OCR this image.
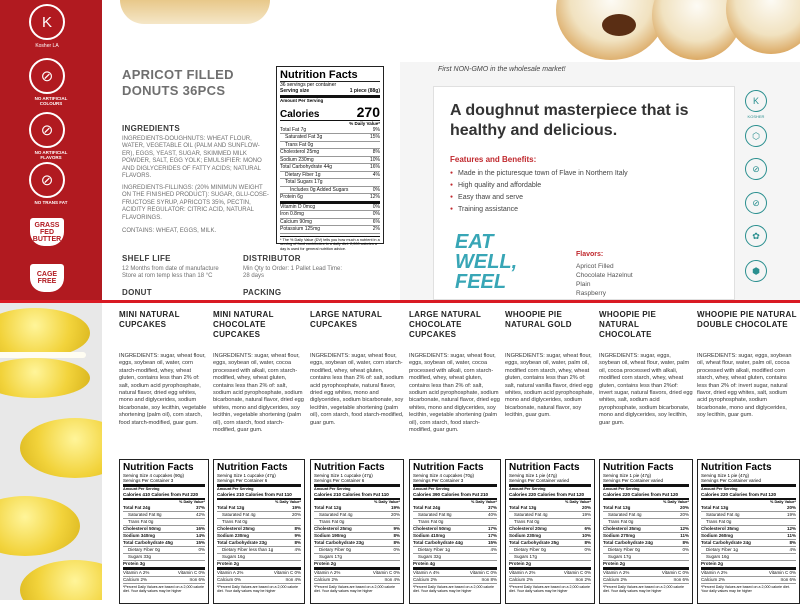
K
Kosher LA
⊘
NO ARTIFICIAL COLOURS
⊘
NO ARTIFICIAL FLAVORS
⊘
NO TRANS FAT
GRASS FED BUTTER
CAGE FREE
APRICOT FILLED DONUTS 36PCS
INGREDIENTS
INGREDIENTS-DOUGHNUTS: WHEAT FLOUR, WATER, VEGETABLE OIL (PALM AND SUNFLOW-ER), EGGS, YEAST, SUGAR, SKIMMED MILK POWDER, SALT, EGG YOLK; EMULSIFIER: MONO AND DIGLYCERIDES OF FATTY ACIDS; NATURAL FLAVORS.
INGREDIENTS-FILLINGS: (20% MINIMUN WEIGHT ON THE FINISHED PRODUCT): SUGAR, GLU-COSE-FRUCTOSE SYRUP, APRICOTS 35%, PECTIN, ACIDITY REGULATOR: CITRIC ACID, NATURAL FLAVORINGS.
CONTAINS: WHEAT, EGGS, MILK.
SHELF LIFE
12 Months from date of manufacture Store at rom temp less than 18 °C
DISTRIBUTOR
Min Qty to Order: 1 Pallet Lead Time: 28 days
DONUT	PACKING
Nutrition Facts
36 servings per container
Serving size	1 piece (88g)
Amount Per Serving
Calories	270
% Daily Value*
Total Fat 7g	9%
Saturated Fat 3g	15%
Trans Fat 0g
Cholesterol 25mg	8%
Sodium 230mg	10%
Total Carbohydrate 44g	16%
Dietary Fiber 1g	4%
Total Sugars 17g
Includes 0g Added Sugars	0%
Protein 6g	12%
Vitamin D 0mcg	0%
Iron 0.8mg	0%
Calcium 90mg	6%
Potassium 125mg	2%
* The % Daily Value (DV) tells you how much a nutrient in a serving of food contributes to a daily diet. 2,000 calories a day is used for general nutrition advice.
First NON-GMO in the wholesale market!
A doughnut masterpiece that is healthy and delicious.
Features and Benefits:
● Made in the picturesque town of Flave in Northern Italy
● High quality and affordable
● Easy thaw and serve
● Training assistance
EAT WELL, FEEL
Flavors:
Apricot Filled
Chocolate Hazelnut
Plain
Raspberry
K
KOSHER
⬡
⊘
⊘
✿
⬢
MINI NATURAL CUPCAKES
INGREDIENTS: sugar, wheat flour, eggs, soybean oil, water, corn starch-modified, whey, wheat gluten, contains less than 2% of: salt, sodium acid pyrophosphate, natural flavor, dried egg whites, mono and diglycerides, sodium bicarbonate, soy lecithin, vegetable shortening (palm oil), corn starch, food starch-modified, guar gum.
Nutrition Facts
Serving Size 4 cupcakes (90g)
Servings Per Container 3
Amount Per Serving
Calories 410 Calories from Fat 220
% Daily Value*
Total Fat 24g	37%
Saturated Fat 8g	42%
Trans Fat 0g
Cholesterol 50mg	16%
Sodium 340mg	14%
Total Carbohydrate 45g	15%
Dietary Fiber 0g	0%
Sugars 33g
Protein 3g
Vitamin A 2%	Vitamin C 0%
Calcium 2%	Iron 6%
*Percent Daily Values are based on a 2,000 calorie diet. Your daily values may be higher
MINI NATURAL CHOCOLATE CUPCAKES
INGREDIENTS: sugar, wheat flour, eggs, soybean oil, water, cocoa processed with alkali, corn starch-modified, whey, wheat gluten, contains less than 2% of: salt, sodium acid pyrophosphate, sodium bicarbonate, natural flavor, dried egg whites, mono and diglycerides, soy lecithin, vegetable shortening (palm oil), corn starch, food starch-modified, guar gum.
Nutrition Facts
Serving Size 1 cupcake (47g)
Servings Per Container 6
Amount Per Serving
Calories 210 Calories from Fat 110
% Daily Value*
Total Fat 12g	19%
Saturated Fat 4g	20%
Trans Fat 0g
Cholesterol 25mg	8%
Sodium 230mg	9%
Total Carbohydrate 23g	8%
Dietary Fiber less than 1g	4%
Sugars 16g
Protein 2g
Vitamin A 2%	Vitamin C 0%
Calcium 0%	Iron 4%
*Percent Daily Values are based on a 2,000 calorie diet. Your daily values may be higher
LARGE NATURAL CUPCAKES
INGREDIENTS: sugar, wheat flour, eggs, soybean oil, water, corn starch-modified, whey, wheat gluten, contains less than 2% of: salt, sodium acid pyrophosphate, natural flavor, dried egg whites, mono and diglycerides, sodium bicarbonate, soy lecithin, vegetable shortening (palm oil), corn starch, food starch-modified, guar gum.
Nutrition Facts
Serving Size 1 cupcake (47g)
Servings Per Container 6
Amount Per Serving
Calories 210 Calories from Fat 110
% Daily Value*
Total Fat 12g	19%
Saturated Fat 4g	20%
Trans Fat 0g
Cholesterol 25mg	9%
Sodium 190mg	8%
Total Carbohydrate 23g	8%
Dietary Fiber 0g	0%
Sugars 17g
Protein 2g
Vitamin A 2%	Vitamin C 0%
Calcium 2%	Iron 4%
*Percent Daily Values are based on a 2,000 calorie diet. Your daily values may be higher
LARGE NATURAL CHOCOLATE CUPCAKES
INGREDIENTS: sugar, wheat flour, eggs, soybean oil, water, cocoa processed with alkali, corn starch-modified, whey, wheat gluten, contains less than 2% of: salt, sodium acid pyrophosphate, sodium bicarbonate, natural flavor, dried egg whites, mono and diglycerides, soy lecithin, vegetable shortening (palm oil), corn starch, food starch-modified, guar gum.
Nutrition Facts
Serving Size 4 cupcakes (70g)
Servings Per Container 3
Amount Per Serving
Calories 390 Calories from Fat 210
% Daily Value*
Total Fat 24g	37%
Saturated Fat 8g	40%
Trans Fat 0g
Cholesterol 50mg	17%
Sodium 410mg	17%
Total Carbohydrate 44g	15%
Dietary Fiber 1g	4%
Sugars 32g
Protein 4g
Vitamin A 4%	Vitamin C 0%
Calcium 2%	Iron 8%
*Percent Daily Values are based on a 2,000 calorie diet. Your daily values may be higher
WHOOPIE PIE NATURAL GOLD
INGREDIENTS: sugar, wheat flour, eggs, soybean oil, water, palm oil, modified corn starch, whey, wheat gluten, contains less than 2% of: salt, natural vanilla flavor, dried egg whites, sodium acid pyrophosphate, mono and diglycerides, sodium bicarbonate, natural flavor, soy lecithin, guar gum.
Nutrition Facts
Serving Size 1 pie (47g)
Servings Per Container varied
Amount Per Serving
Calories 220 Calories from Fat 120
% Daily Value*
Total Fat 13g	20%
Saturated Fat 4g	19%
Trans Fat 0g
Cholesterol 20mg	6%
Sodium 230mg	10%
Total Carbohydrate 25g	8%
Dietary Fiber 0g	0%
Sugars 17g
Protein 2g
Vitamin A 2%	Vitamin C 0%
Calcium 2%	Iron 2%
*Percent Daily Values are based on a 2,000 calorie diet. Your daily values may be higher
WHOOPIE PIE NATURAL CHOCOLATE
INGREDIENTS: sugar, eggs, soybean oil, wheat flour, water, palm oil, cocoa processed with alkali, modified corn starch, whey, wheat gluten, contains less than 2%of: invert sugar, natural flavors, dried egg whites, salt, sodium acid pyrophosphate, sodium bicarbonate, mono and diglycerides, soy lecithin, guar gum.
Nutrition Facts
Serving Size 1 pie (47g)
Servings Per Container varied
Amount Per Serving
Calories 220 Calories from Fat 120
% Daily Value*
Total Fat 13g	20%
Saturated Fat 4g	20%
Trans Fat 0g
Cholesterol 35mg	12%
Sodium 270mg	11%
Total Carbohydrate 24g	8%
Dietary Fiber 0g	0%
Sugars 17g
Protein 2g
Vitamin A 2%	Vitamin C 0%
Calcium 2%	Iron 6%
*Percent Daily Values are based on a 2,000 calorie diet. Your daily values may be higher
WHOOPIE PIE NATURAL DOUBLE CHOCOLATE
INGREDIENTS: sugar, eggs, soybean oil, wheat flour, water, palm oil, cocoa processed with alkali, modified corn starch, whey, wheat gluten, contains less than 2% of: invert sugar, natural flavor, dried egg whites, salt, sodium acid pyrophosphate, sodium bicarbonate, mono and diglycerides, soy lecithin, guar gum.
Nutrition Facts
Serving Size 1 pie (47g)
Servings Per Container varied
Amount Per Serving
Calories 220 Calories from Fat 120
% Daily Value*
Total Fat 13g	20%
Saturated Fat 4g	19%
Trans Fat 0g
Cholesterol 35mg	12%
Sodium 260mg	11%
Total Carbohydrate 24g	8%
Dietary Fiber 1g	4%
Sugars 16g
Protein 2g
Vitamin A 2%	Vitamin C 0%
Calcium 2%	Iron 6%
*Percent Daily Values are based on a 2,000 calorie diet. Your daily values may be higher
